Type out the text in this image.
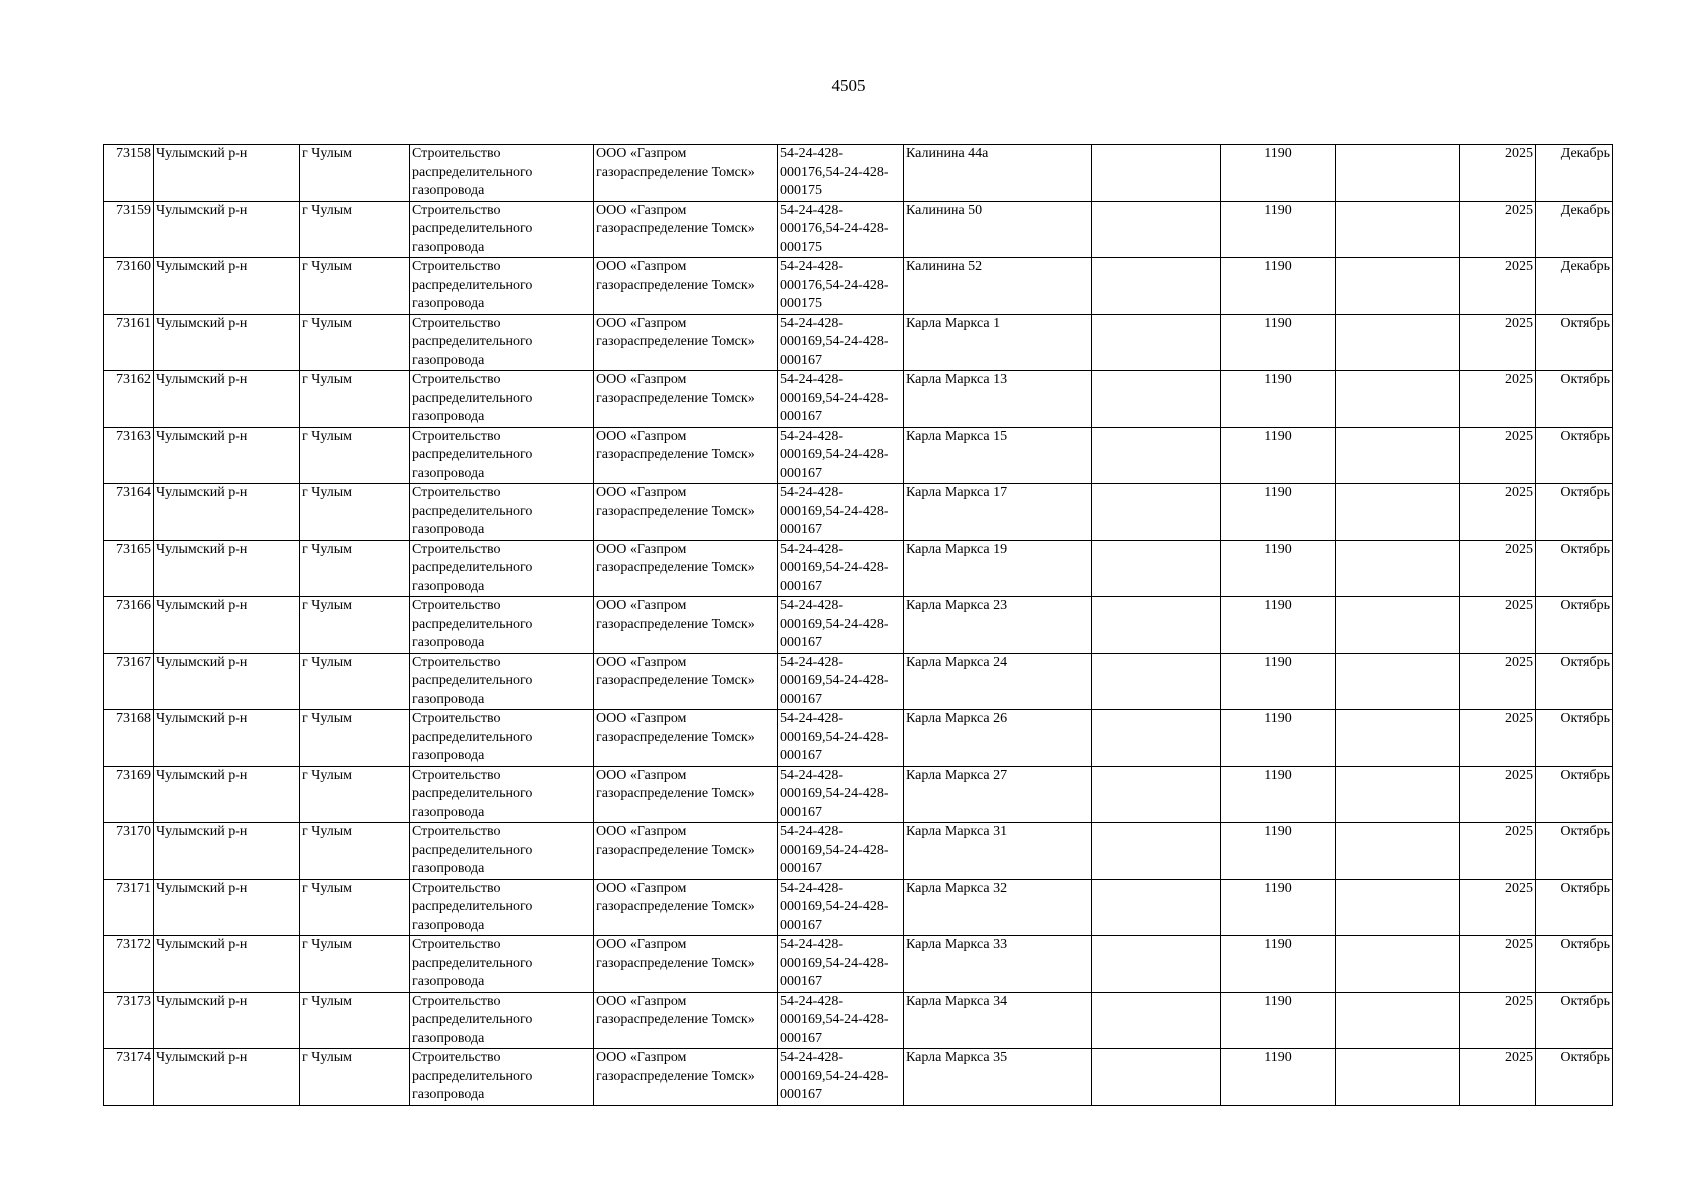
4505
73158	Чулымский р-н	г Чулым	Строительство
распределительного
газопровода	ООО «Газпром
газораспределение Томск»	54-24-428-
000176,54-24-428-
000175	Калинина 44а		1190		2025	Декабрь
73159	Чулымский р-н	г Чулым	Строительство
распределительного
газопровода	ООО «Газпром
газораспределение Томск»	54-24-428-
000176,54-24-428-
000175	Калинина 50		1190		2025	Декабрь
73160	Чулымский р-н	г Чулым	Строительство
распределительного
газопровода	ООО «Газпром
газораспределение Томск»	54-24-428-
000176,54-24-428-
000175	Калинина 52		1190		2025	Декабрь
73161	Чулымский р-н	г Чулым	Строительство
распределительного
газопровода	ООО «Газпром
газораспределение Томск»	54-24-428-
000169,54-24-428-
000167	Карла Маркса 1		1190		2025	Октябрь
73162	Чулымский р-н	г Чулым	Строительство
распределительного
газопровода	ООО «Газпром
газораспределение Томск»	54-24-428-
000169,54-24-428-
000167	Карла Маркса 13		1190		2025	Октябрь
73163	Чулымский р-н	г Чулым	Строительство
распределительного
газопровода	ООО «Газпром
газораспределение Томск»	54-24-428-
000169,54-24-428-
000167	Карла Маркса 15		1190		2025	Октябрь
73164	Чулымский р-н	г Чулым	Строительство
распределительного
газопровода	ООО «Газпром
газораспределение Томск»	54-24-428-
000169,54-24-428-
000167	Карла Маркса 17		1190		2025	Октябрь
73165	Чулымский р-н	г Чулым	Строительство
распределительного
газопровода	ООО «Газпром
газораспределение Томск»	54-24-428-
000169,54-24-428-
000167	Карла Маркса 19		1190		2025	Октябрь
73166	Чулымский р-н	г Чулым	Строительство
распределительного
газопровода	ООО «Газпром
газораспределение Томск»	54-24-428-
000169,54-24-428-
000167	Карла Маркса 23		1190		2025	Октябрь
73167	Чулымский р-н	г Чулым	Строительство
распределительного
газопровода	ООО «Газпром
газораспределение Томск»	54-24-428-
000169,54-24-428-
000167	Карла Маркса 24		1190		2025	Октябрь
73168	Чулымский р-н	г Чулым	Строительство
распределительного
газопровода	ООО «Газпром
газораспределение Томск»	54-24-428-
000169,54-24-428-
000167	Карла Маркса 26		1190		2025	Октябрь
73169	Чулымский р-н	г Чулым	Строительство
распределительного
газопровода	ООО «Газпром
газораспределение Томск»	54-24-428-
000169,54-24-428-
000167	Карла Маркса 27		1190		2025	Октябрь
73170	Чулымский р-н	г Чулым	Строительство
распределительного
газопровода	ООО «Газпром
газораспределение Томск»	54-24-428-
000169,54-24-428-
000167	Карла Маркса 31		1190		2025	Октябрь
73171	Чулымский р-н	г Чулым	Строительство
распределительного
газопровода	ООО «Газпром
газораспределение Томск»	54-24-428-
000169,54-24-428-
000167	Карла Маркса 32		1190		2025	Октябрь
73172	Чулымский р-н	г Чулым	Строительство
распределительного
газопровода	ООО «Газпром
газораспределение Томск»	54-24-428-
000169,54-24-428-
000167	Карла Маркса 33		1190		2025	Октябрь
73173	Чулымский р-н	г Чулым	Строительство
распределительного
газопровода	ООО «Газпром
газораспределение Томск»	54-24-428-
000169,54-24-428-
000167	Карла Маркса 34		1190		2025	Октябрь
73174	Чулымский р-н	г Чулым	Строительство
распределительного
газопровода	ООО «Газпром
газораспределение Томск»	54-24-428-
000169,54-24-428-
000167	Карла Маркса 35		1190		2025	Октябрь
